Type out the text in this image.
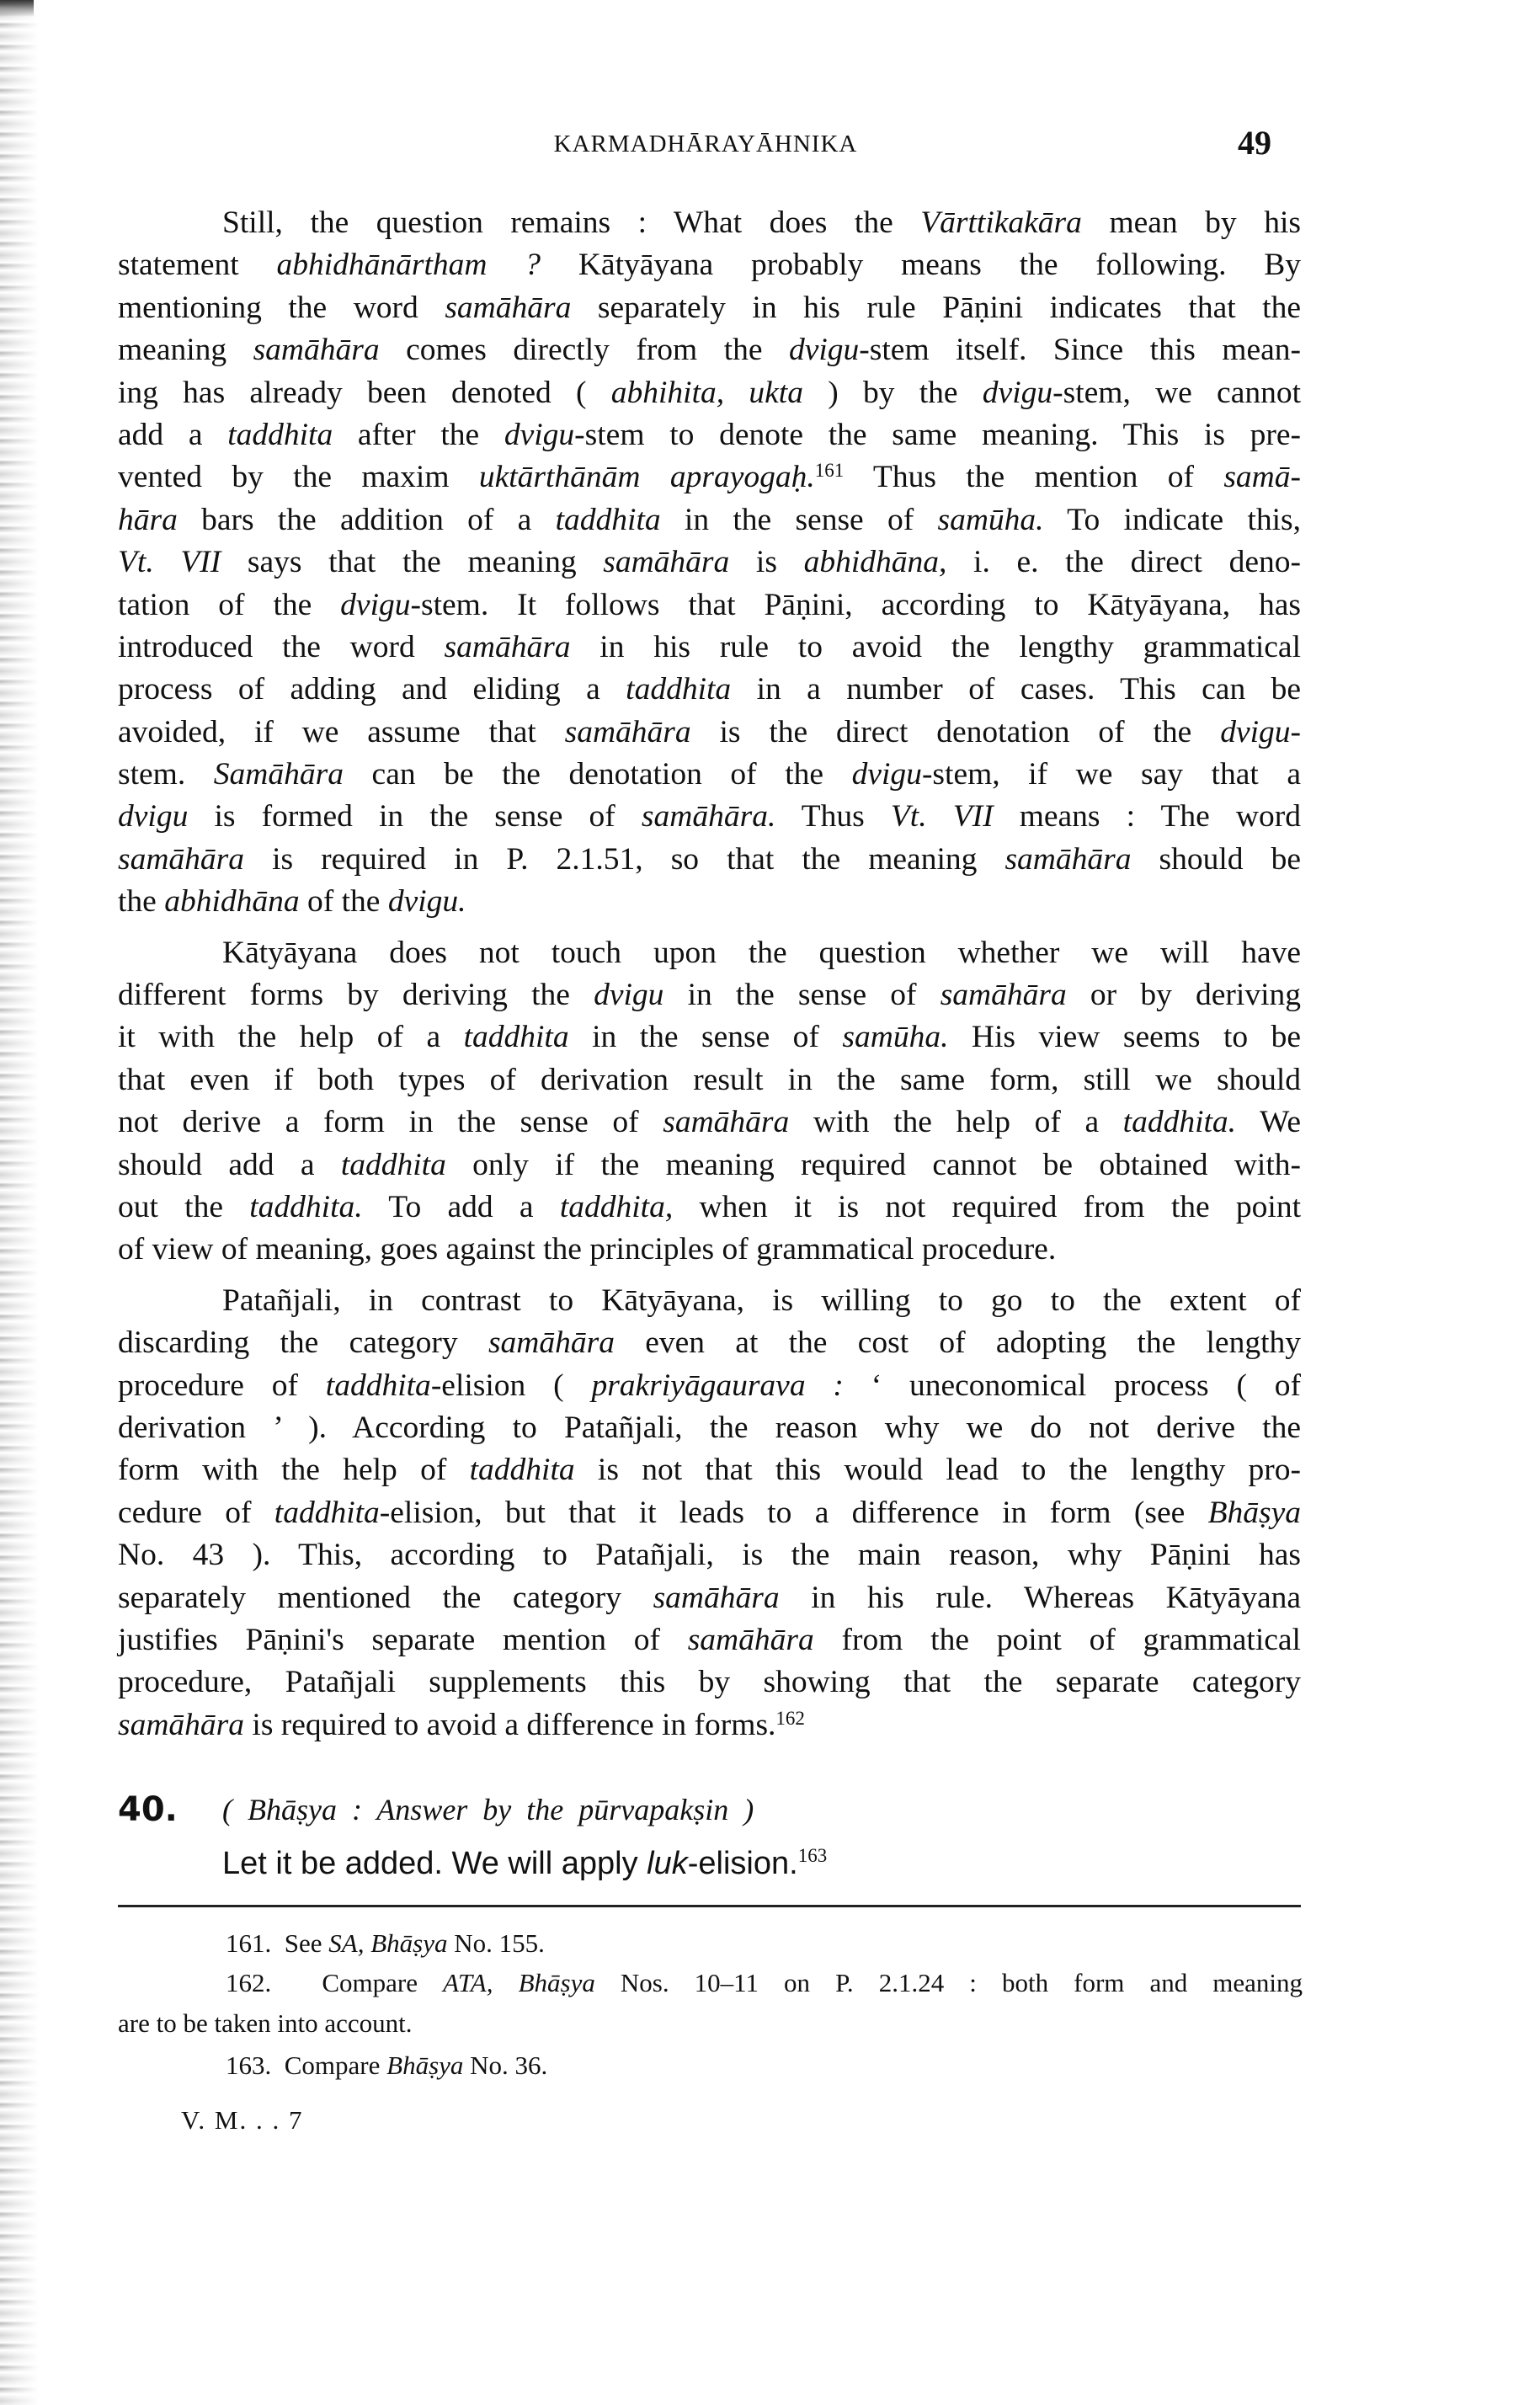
KARMADHĀRAYĀHNIKA	49
Still, the question remains : What does the Vārttikakāra mean by his
statement abhidhānārtham ? Kātyāyana probably means the following. By
mentioning the word samāhāra separately in his rule Pāṇini indicates that the
meaning samāhāra comes directly from the dvigu-stem itself. Since this mean-
ing has already been denoted ( abhihita, ukta ) by the dvigu-stem, we cannot
add a taddhita after the dvigu-stem to denote the same meaning. This is pre-
vented by the maxim uktārthānām aprayogaḥ.$^{161}$ Thus the mention of samā-
hāra bars the addition of a taddhita in the sense of samūha. To indicate this,
Vt. VII says that the meaning samāhāra is abhidhāna, i. e. the direct deno-
tation of the dvigu-stem. It follows that Pāṇini, according to Kātyāyana, has
introduced the word samāhāra in his rule to avoid the lengthy grammatical
process of adding and eliding a taddhita in a number of cases. This can be
avoided, if we assume that samāhāra is the direct denotation of the dvigu-
stem. Samāhāra can be the denotation of the dvigu-stem, if we say that a
dvigu is formed in the sense of samāhāra. Thus Vt. VII means : The word
samāhāra is required in P. 2.1.51, so that the meaning samāhāra should be
the abhidhāna of the dvigu.
Kātyāyana does not touch upon the question whether we will have
different forms by deriving the dvigu in the sense of samāhāra or by deriving
it with the help of a taddhita in the sense of samūha. His view seems to be
that even if both types of derivation result in the same form, still we should
not derive a form in the sense of samāhāra with the help of a taddhita. We
should add a taddhita only if the meaning required cannot be obtained with-
out the taddhita. To add a taddhita, when it is not required from the point
of view of meaning, goes against the principles of grammatical procedure.
Patañjali, in contrast to Kātyāyana, is willing to go to the extent of
discarding the category samāhāra even at the cost of adopting the lengthy
procedure of taddhita-elision ( prakriyāgaurava : ‘ uneconomical process ( of
derivation ’ ). According to Patañjali, the reason why we do not derive the
form with the help of taddhita is not that this would lead to the lengthy pro-
cedure of taddhita-elision, but that it leads to a difference in form (see Bhāṣya
No. 43 ). This, according to Patañjali, is the main reason, why Pāṇini has
separately mentioned the category samāhāra in his rule. Whereas Kātyāyana
justifies Pāṇini's separate mention of samāhāra from the point of grammatical
procedure, Patañjali supplements this by showing that the separate category
samāhāra is required to avoid a difference in forms.$^{162}$
40. ( Bhāṣya : Answer by the pūrvapakṣin )
Let it be added. We will apply luk-elision.$^{163}$
161. See SA, Bhāṣya No. 155.
162. Compare ATA, Bhāṣya Nos. 10–11 on P. 2.1.24 : both form and meaning
are to be taken into account.
163. Compare Bhāṣya No. 36.
V. M. . . 7
